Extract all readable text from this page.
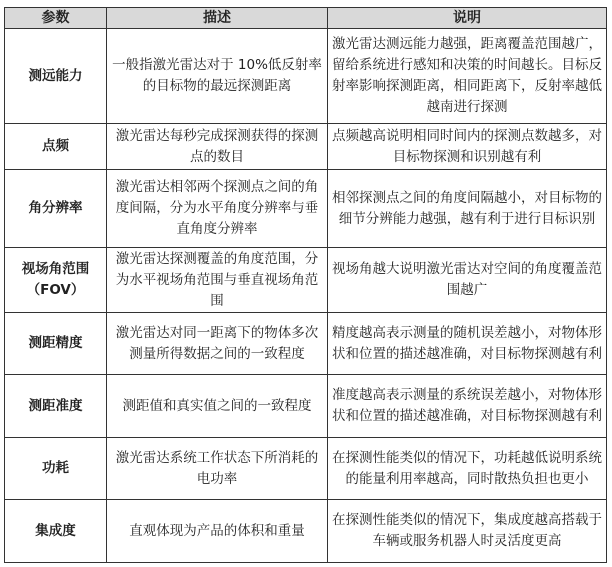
参数	描述	说明
测远能力	一般指激光雷达对于 10%低反射率的目标物的最远探测距离	激光雷达测远能力越强，距离覆盖范围越广，留给系统进行感知和决策的时间越长。目标反射率影响探测距离，相同距离下，反射率越低越南进行探测
点频	激光雷达每秒完成探测获得的探测点的数目	点频越高说明相同时间内的探测点数越多，对目标物探测和识别越有利
角分辨率	激光雷达相邻两个探测点之间的角度间隔，分为水平角度分辨率与垂直角度分辨率	相邻探测点之间的角度间隔越小，对目标物的细节分辨能力越强，越有利于进行目标识别
视场角范围（FOV）	激光雷达探测覆盖的角度范围，分为水平视场角范围与垂直视场角范围	视场角越大说明激光雷达对空间的角度覆盖范围越广
测距精度	激光雷达对同一距离下的物体多次测量所得数据之间的一致程度	精度越高表示测量的随机误差越小，对物体形状和位置的描述越准确，对目标物探测越有利
测距准度	测距值和真实值之间的一致程度	准度越高表示测量的系统误差越小，对物体形状和位置的描述越准确，对目标物探测越有利
功耗	激光雷达系统工作状态下所消耗的电功率	在探测性能类似的情况下，功耗越低说明系统的能量利用率越高，同时散热负担也更小
集成度	直观体现为产品的体积和重量	在探测性能类似的情况下，集成度越高搭载于车辆或服务机器人时灵活度更高
